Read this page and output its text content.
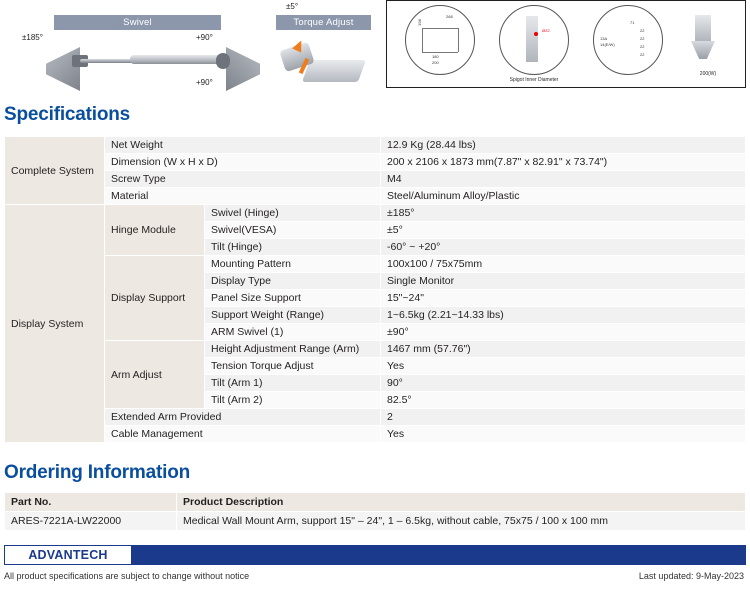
±5°
Swivel	Torque Adjust
±185°	+90°
+90°
198
180
200
268
Ø22
Spigot Inner Diameter
13A
14(E/W)
71
22
22
22
22
200(W)
Specifications
Complete System	Net Weight		12.9 Kg (28.44 lbs)
	Dimension (W x H x D)		200 x 2106 x 1873 mm(7.87" x 82.91" x 73.74")
	Screw Type		M4
	Material		Steel/Aluminum Alloy/Plastic
Display System	Hinge Module	Swivel (Hinge)	±185°
		Swivel(VESA)	±5°
		Tilt (Hinge)	-60° ~ +20°
	Display Support	Mounting Pattern	100x100 / 75x75mm
		Display Type	Single Monitor
		Panel Size Support	15"~24"
		Support Weight (Range)	1~6.5kg (2.21~14.33 lbs)
		ARM Swivel (1)	±90°
	Arm Adjust	Height Adjustment Range (Arm)	1467 mm (57.76")
		Tension Torque Adjust	Yes
		Tilt (Arm 1)	90°
		Tilt (Arm 2)	82.5°
	Extended Arm Provided		2
	Cable Management		Yes
Ordering Information
Part No.	Product Description
ARES-7221A-LW22000	Medical Wall Mount Arm, support 15" – 24", 1 – 6.5kg, without cable, 75x75 / 100 x 100 mm
ADVANTECH
All product specifications are subject to change without notice	Last updated: 9-May-2023
